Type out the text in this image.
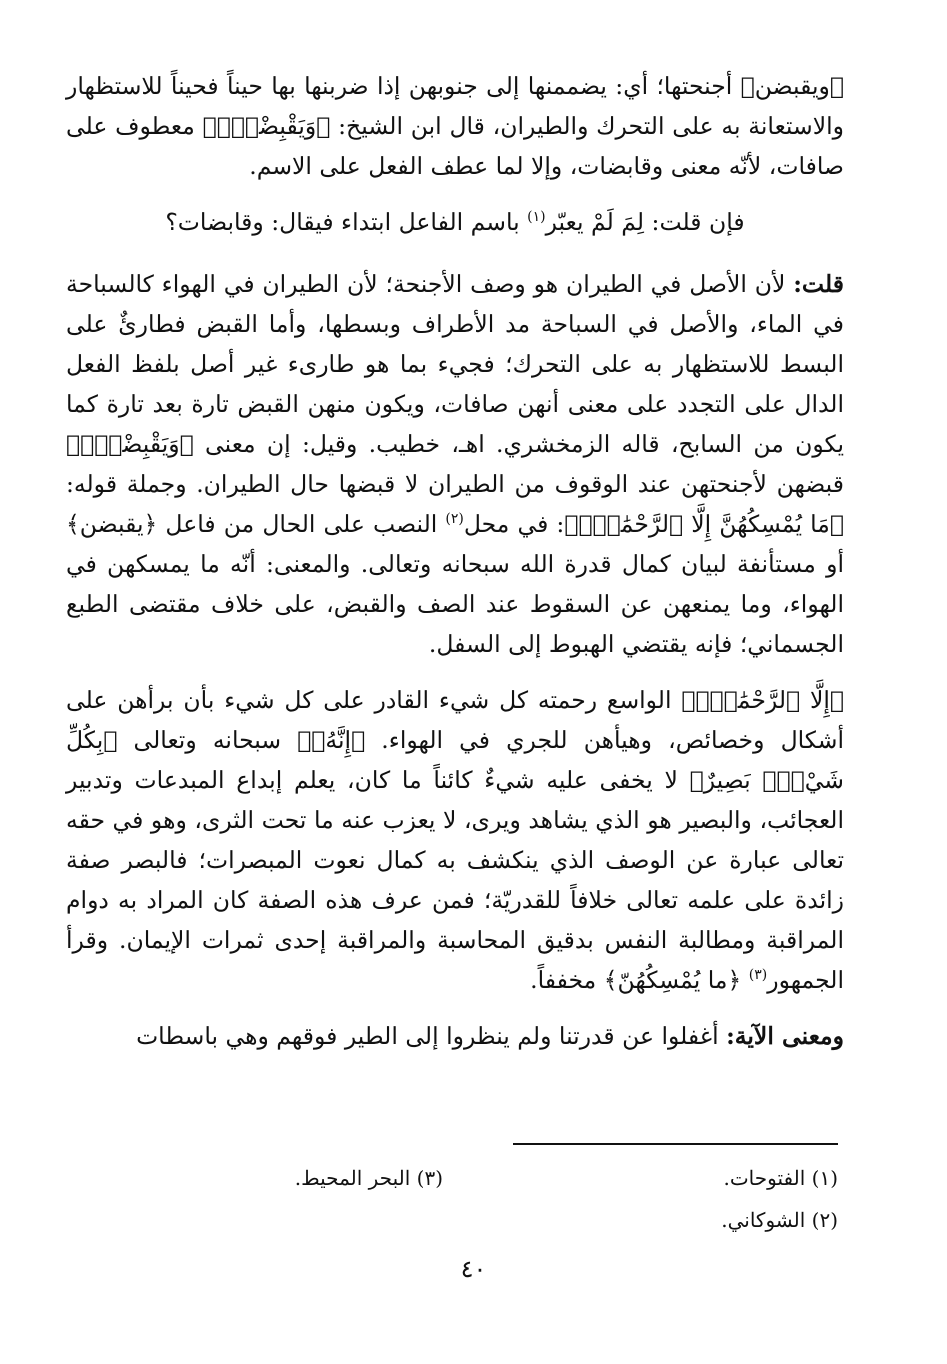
﴿ويقبضن﴾ أجنحتها؛ أي: يضممنها إلى جنوبهن إذا ضربنها بها حيناً فحيناً للاستظهار والاستعانة به على التحرك والطيران، قال ابن الشيخ: ﴿وَيَقْبِضْنَۚ﴾ معطوف على صافات، لأنّه معنى وقابضات، وإلا لما عطف الفعل على الاسم.

فإن قلت: لِمَ لَمْ يعبّر$^{(١)}$ باسم الفاعل ابتداء فيقال: وقابضات؟

قلت: لأن الأصل في الطيران هو وصف الأجنحة؛ لأن الطيران في الهواء كالسباحة في الماء، والأصل في السباحة مد الأطراف وبسطها، وأما القبض فطارئٌ على البسط للاستظهار به على التحرك؛ فجيء بما هو طارىء غير أصل بلفظ الفعل الدال على التجدد على معنى أنهن صافات، ويكون منهن القبض تارة بعد تارة كما يكون من السابح، قاله الزمخشري. اهـ، خطيب. وقيل: إن معنى ﴿وَيَقْبِضْنَۚ﴾ قبضهن لأجنحتهن عند الوقوف من الطيران لا قبضها حال الطيران. وجملة قوله: ﴿مَا يُمْسِكُهُنَّ إِلَّا ٱلرَّحْمَٰنُۚ﴾: في محل$^{(٢)}$ النصب على الحال من فاعل ﴿يقبضن﴾ أو مستأنفة لبيان كمال قدرة الله سبحانه وتعالى. والمعنى: أنّه ما يمسكهن في الهواء، وما يمنعهن عن السقوط عند الصف والقبض، على خلاف مقتضى الطبع الجسماني؛ فإنه يقتضي الهبوط إلى السفل.

﴿إِلَّا ٱلرَّحْمَٰنُۚ﴾ الواسع رحمته كل شيء القادر على كل شيء بأن برأهن على أشكال وخصائص، وهيأهن للجري في الهواء. ﴿إِنَّهُۥ﴾ سبحانه وتعالى ﴿بِكُلِّ شَيْءٍۭ بَصِيرٌ﴾ لا يخفى عليه شيءٌ كائناً ما كان، يعلم إبداع المبدعات وتدبير العجائب، والبصير هو الذي يشاهد ويرى، لا يعزب عنه ما تحت الثرى، وهو في حقه تعالى عبارة عن الوصف الذي ينكشف به كمال نعوت المبصرات؛ فالبصر صفة زائدة على علمه تعالى خلافاً للقدريّة؛ فمن عرف هذه الصفة كان المراد به دوام المراقبة ومطالبة النفس بدقيق المحاسبة والمراقبة إحدى ثمرات الإيمان. وقرأ الجمهور$^{(٣)}$ ﴿ما يُمْسِكُهُنّ﴾ مخففاً.

ومعنى الآية: أغفلوا عن قدرتنا ولم ينظروا إلى الطير فوقهم وهي باسطات

(١) الفتوحات.
(٣) البحر المحيط.
(٢) الشوكاني.
٤٠
